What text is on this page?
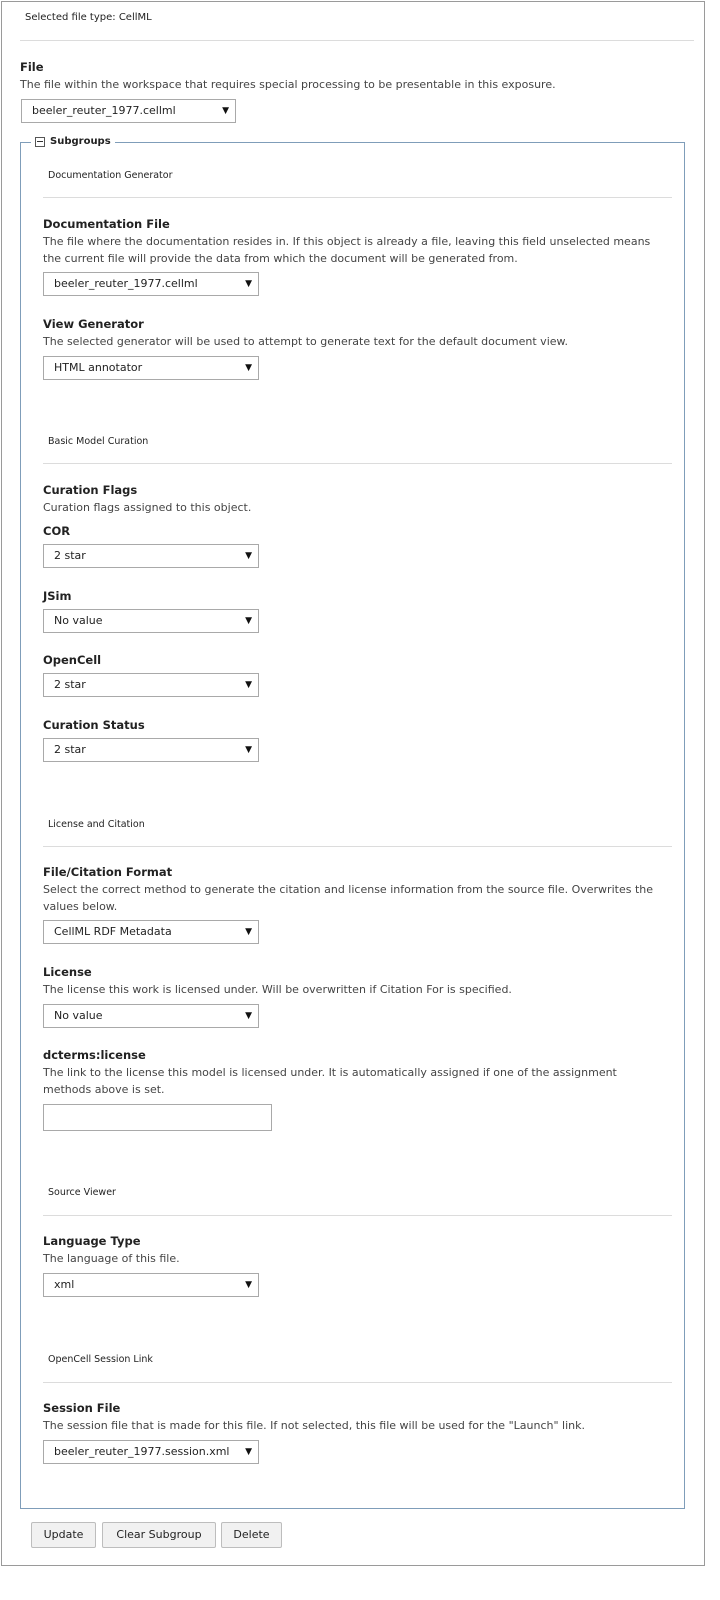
Selected file type: CellML
File
The file within the workspace that requires special processing to be presentable in this exposure.
beeler_reuter_1977.cellml	▼
Subgroups
Documentation Generator
Documentation File
The file where the documentation resides in. If this object is already a file, leaving this field unselected means
the current file will provide the data from which the document will be generated from.
beeler_reuter_1977.cellml	▼
View Generator
The selected generator will be used to attempt to generate text for the default document view.
HTML annotator	▼
Basic Model Curation
Curation Flags
Curation flags assigned to this object.
COR
2 star	▼
JSim
No value	▼
OpenCell
2 star	▼
Curation Status
2 star	▼
License and Citation
File/Citation Format
Select the correct method to generate the citation and license information from the source file. Overwrites the
values below.
CellML RDF Metadata	▼
License
The license this work is licensed under. Will be overwritten if Citation For is specified.
No value	▼
dcterms:license
The link to the license this model is licensed under. It is automatically assigned if one of the assignment
methods above is set.
Source Viewer
Language Type
The language of this file.
xml	▼
OpenCell Session Link
Session File
The session file that is made for this file. If not selected, this file will be used for the "Launch" link.
beeler_reuter_1977.session.xml ▼
Update	Clear Subgroup	Delete
